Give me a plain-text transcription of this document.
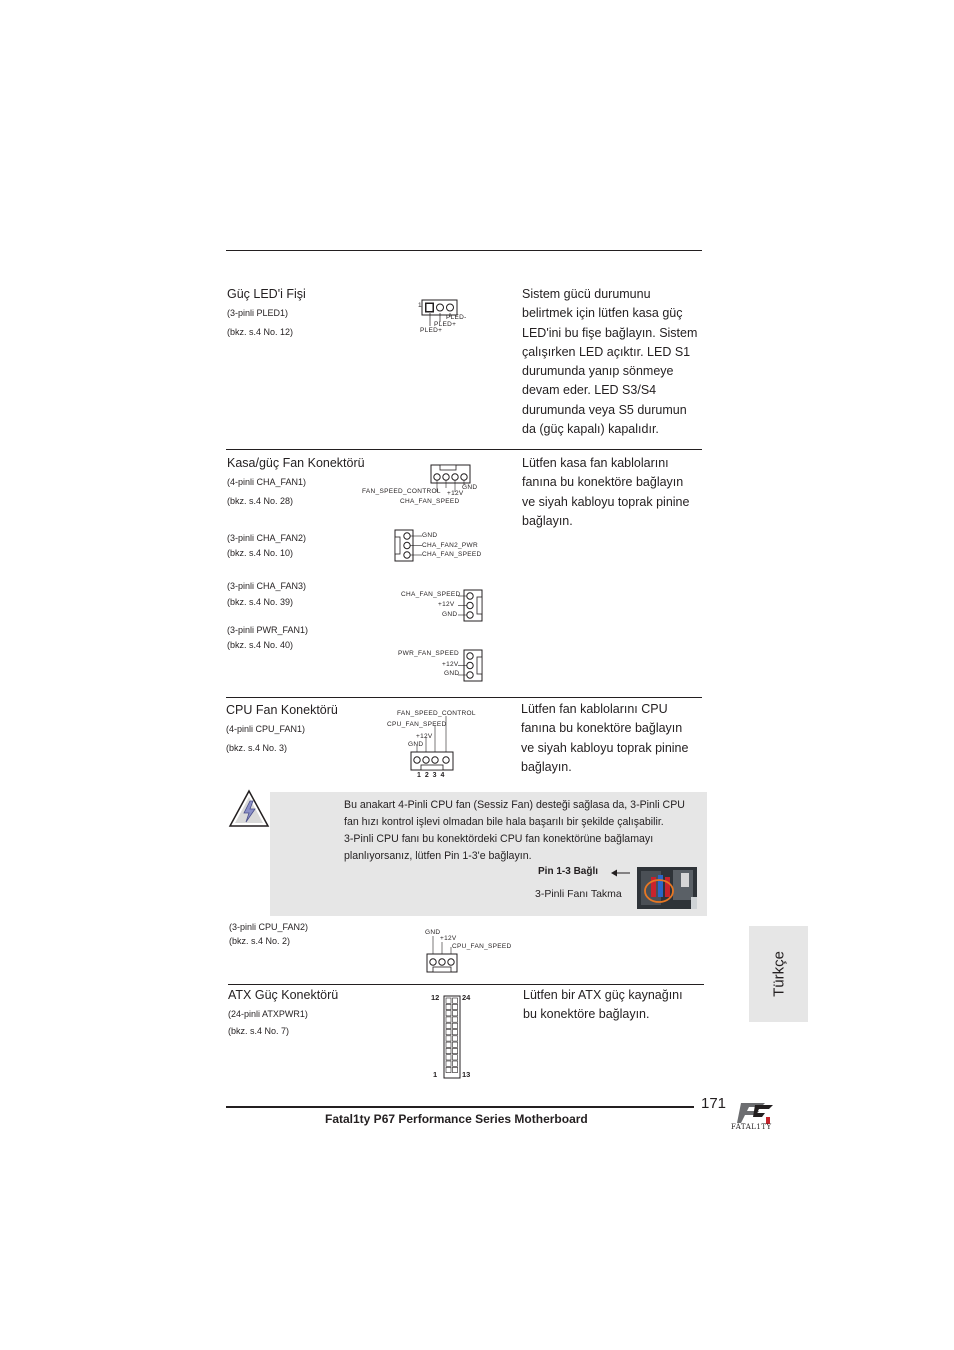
Güç LED'i Fişi
(3-pinli PLED1)
(bkz. s.4 No. 12)
1
PLED-
PLED+
PLED+
Sistem gücü durumunu
belirtmek için lütfen kasa güç
LED'ini bu fişe bağlayın. Sistem
çalışırken LED açıktır. LED S1
durumunda yanıp sönmeye
devam eder. LED S3/S4
durumunda veya S5 durumun
da (güç kapalı) kapalıdır.
Kasa/güç Fan Konektörü
(4-pinli CHA_FAN1)
(bkz. s.4 No. 28)
FAN_SPEED_CONTROL +12V
GND
CHA_FAN_SPEED
(3-pinli CHA_FAN2)
(bkz. s.4 No. 10)
GND
CHA_FAN2_PWR
CHA_FAN_SPEED
(3-pinli CHA_FAN3)
(bkz. s.4 No. 39)
CHA_FAN_SPEED
+12V
GND
(3-pinli PWR_FAN1)
(bkz. s.4 No. 40)
PWR_FAN_SPEED
+12V
GND
Lütfen kasa fan kablolarını
fanına bu konektöre bağlayın
ve siyah kabloyu toprak pinine
bağlayın.
CPU Fan Konektörü
(4-pinli CPU_FAN1)
(bkz. s.4 No. 3)
FAN_SPEED_CONTROL
CPU_FAN_SPEED
+12V
GND
1 2 3 4
Lütfen fan kablolarını CPU
fanına bu konektöre bağlayın
ve siyah kabloyu toprak pinine
bağlayın.
Bu anakart 4-Pinli CPU fan (Sessiz Fan) desteği sağlasa da, 3-Pinli CPU
fan hızı kontrol işlevi olmadan bile hala başarılı bir şekilde çalışabilir.
3-Pinli CPU fanı bu konektördeki CPU fan konektörüne bağlamayı
planlıyorsanız, lütfen Pin 1-3'e bağlayın.
Pin 1-3 Bağlı
3-Pinli Fanı Takma
(3-pinli CPU_FAN2)
(bkz. s.4 No. 2)
GND
+12V
CPU_FAN_SPEED
ATX Güç Konektörü
(24-pinli ATXPWR1)
(bkz. s.4 No. 7)
12	24
1	13
Lütfen bir ATX güç kaynağını
bu konektöre bağlayın.
Türkçe
171
Fatal1ty P67 Performance Series Motherboard
FATAL1TY
